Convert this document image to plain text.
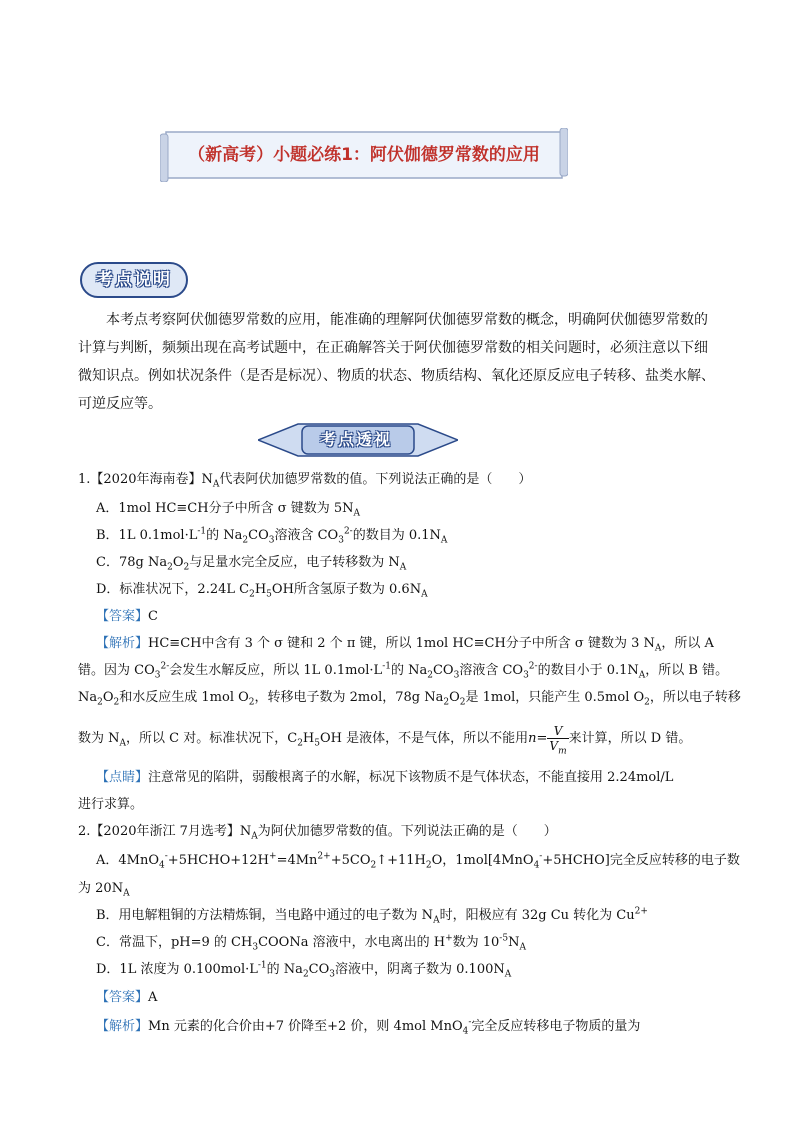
（新高考）小题必练1：阿伏伽德罗常数的应用
考点说明
本考点考察阿伏伽德罗常数的应用，能准确的理解阿伏伽德罗常数的概念，明确阿伏伽德罗常数的计算与判断，频频出现在高考试题中，在正确解答关于阿伏伽德罗常数的相关问题时，必须注意以下细微知识点。例如状况条件（是否是标况）、物质的状态、物质结构、氧化还原反应电子转移、盐类水解、可逆反应等。
考点透视
1.【2020年海南卷】$N_A$代表阿伏加德罗常数的值。下列说法正确的是（　　）
A．1mol HC≡CH分子中所含 σ 键数为 $5N_A$
B．1L $0.1mol\cdot L^{-1}$的 $Na_2CO_3$溶液含 $CO_3^{2-}$的数目为 $0.1N_A$
C．78g $Na_2O_2$与足量水完全反应，电子转移数为 $N_A$
D．标准状况下，2.24L $C_2H_5OH$所含氢原子数为 $0.6N_A$
【答案】C
【解析】HC≡CH中含有 3 个 σ 键和 2 个 π 键，所以 1mol HC≡CH分子中所含 σ 键数为 3 $N_A$，所以 A
错。因为 $CO_3^{2-}$会发生水解反应，所以 1L $0.1mol\cdot L^{-1}$的 $Na_2CO_3$溶液含 $CO_3^{2-}$的数目小于 $0.1N_A$，所以 B 错。
$Na_2O_2$和水反应生成 1mol $O_2$，转移电子数为 2mol，78g $Na_2O_2$是 1mol，只能产生 0.5mol $O_2$，所以电子转移
数为 $N_A$，所以 C 对。标准状况下，$C_2H_5OH$ 是液体，不是气体，所以不能用$n= \frac{V}{V_m}$ 来计算，所以 D 错。
【点睛】注意常见的陷阱，弱酸根离子的水解，标况下该物质不是气体状态，不能直接用 2.24mol/L
进行求算。
2.【2020年浙江 7月选考】$N_A$为阿伏加德罗常数的值。下列说法正确的是（　　）
A．$4MnO_4^-+5HCHO+12H^+=4Mn^{2+}+5CO_2↑+11H_2O$，1mol[4MnO$_4$-+5HCHO]完全反应转移的电子数
为 $20N_A$
B．用电解粗铜的方法精炼铜，当电路中通过的电子数为 $N_A$时，阳极应有 32g Cu 转化为 $Cu^{2+}$
C．常温下，pH=9 的 $CH_3COONa$ 溶液中，水电离出的 H+数为 $10^{-5}N_A$
D．1L 浓度为 $0.100mol\cdot L^{-1}$的 $Na_2CO_3$溶液中，阴离子数为 $0.100N_A$
【答案】A
【解析】Mn 元素的化合价由+7 价降至+2 价，则 4mol MnO$_4$-完全反应转移电子物质的量为
